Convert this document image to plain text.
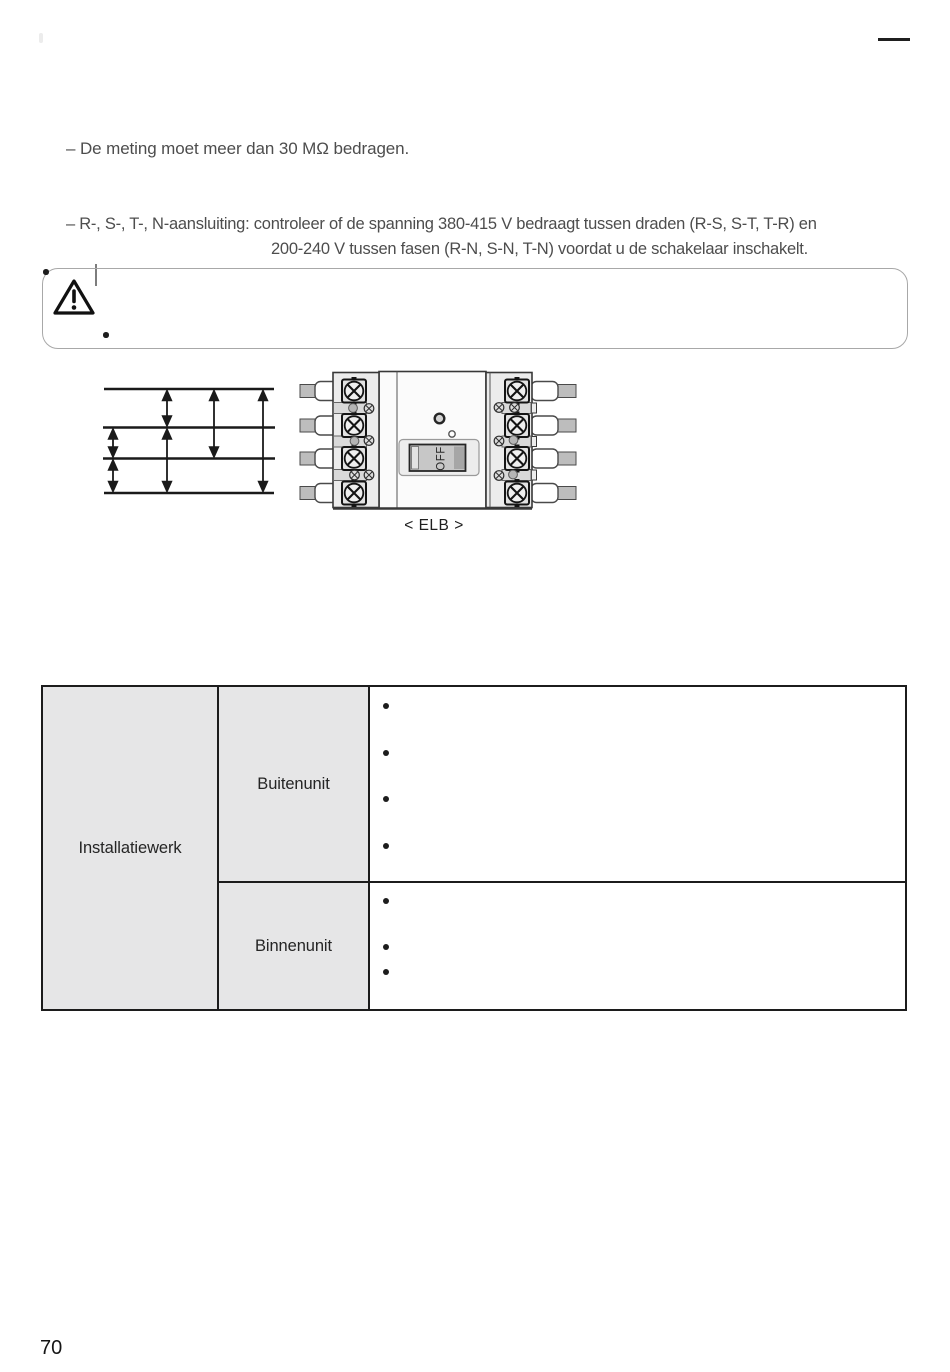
– De meting moet meer dan 30 MΩ bedragen.
– R-, S-, T-, N-aansluiting: controleer of de spanning 380-415 V bedraagt tussen draden (R-S, S-T, T-R) en
200-240 V tussen fasen (R-N, S-N, T-N) voordat u de schakelaar inschakelt.
OFF
< ELB >
Installatiewerk
Buitenunit
Binnenunit
70
